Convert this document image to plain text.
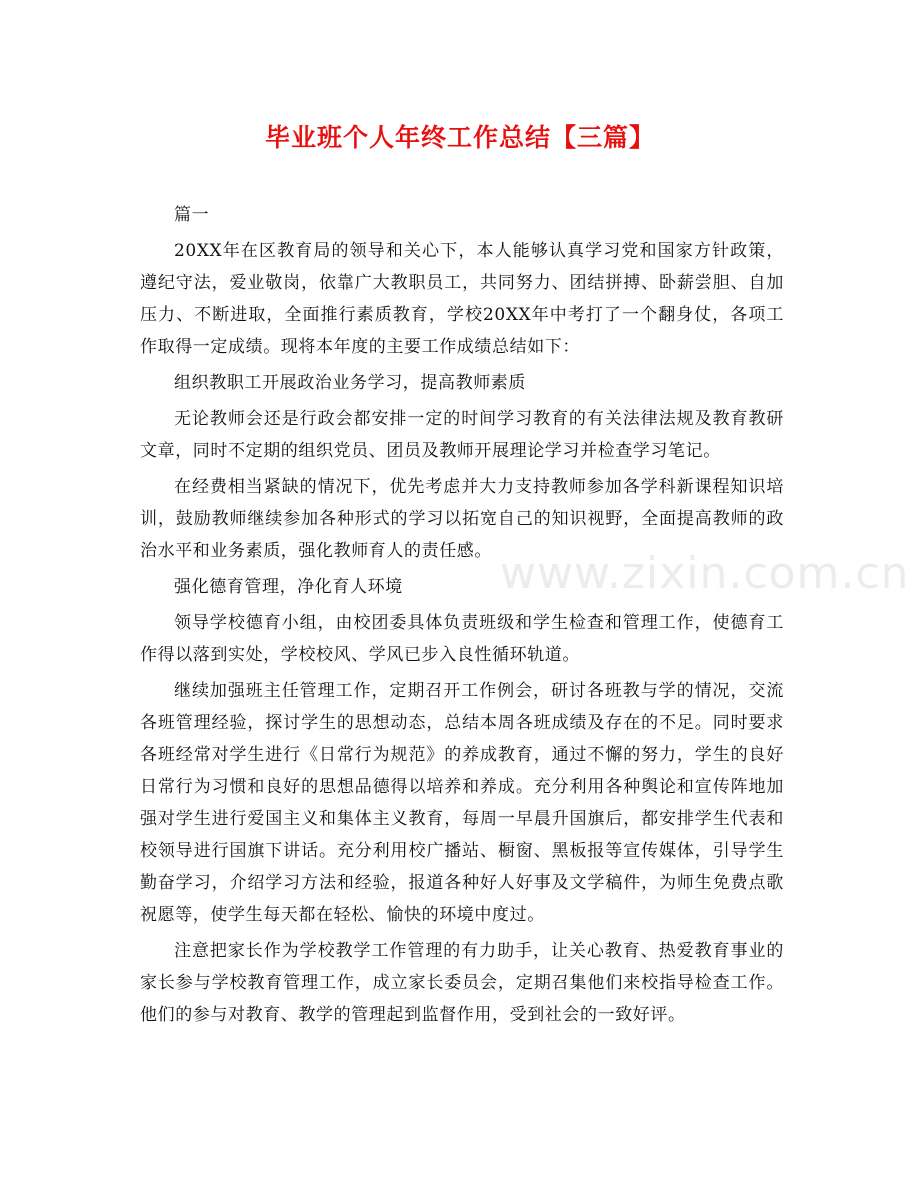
毕业班个人年终工作总结【三篇】

篇一

20XX年在区教育局的领导和关心下，本人能够认真学习党和国家方针政策，遵纪守法，爱业敬岗，依靠广大教职员工，共同努力、团结拼搏、卧薪尝胆、自加压力、不断进取，全面推行素质教育，学校20XX年中考打了一个翻身仗，各项工作取得一定成绩。现将本年度的主要工作成绩总结如下：

组织教职工开展政治业务学习，提高教师素质

无论教师会还是行政会都安排一定的时间学习教育的有关法律法规及教育教研文章，同时不定期的组织党员、团员及教师开展理论学习并检查学习笔记。

在经费相当紧缺的情况下，优先考虑并大力支持教师参加各学科新课程知识培训，鼓励教师继续参加各种形式的学习以拓宽自己的知识视野，全面提高教师的政治水平和业务素质，强化教师育人的责任感。

强化德育管理，净化育人环境

领导学校德育小组，由校团委具体负责班级和学生检查和管理工作，使德育工作得以落到实处，学校校风、学风已步入良性循环轨道。

继续加强班主任管理工作，定期召开工作例会，研讨各班教与学的情况，交流各班管理经验，探讨学生的思想动态，总结本周各班成绩及存在的不足。同时要求各班经常对学生进行《日常行为规范》的养成教育，通过不懈的努力，学生的良好日常行为习惯和良好的思想品德得以培养和养成。充分利用各种舆论和宣传阵地加强对学生进行爱国主义和集体主义教育，每周一早晨升国旗后，都安排学生代表和校领导进行国旗下讲话。充分利用校广播站、橱窗、黑板报等宣传媒体，引导学生勤奋学习，介绍学习方法和经验，报道各种好人好事及文学稿件，为师生免费点歌祝愿等，使学生每天都在轻松、愉快的环境中度过。

注意把家长作为学校教学工作管理的有力助手，让关心教育、热爱教育事业的家长参与学校教育管理工作，成立家长委员会，定期召集他们来校指导检查工作。他们的参与对教育、教学的管理起到监督作用，受到社会的一致好评。

www.zixin.com.cn
